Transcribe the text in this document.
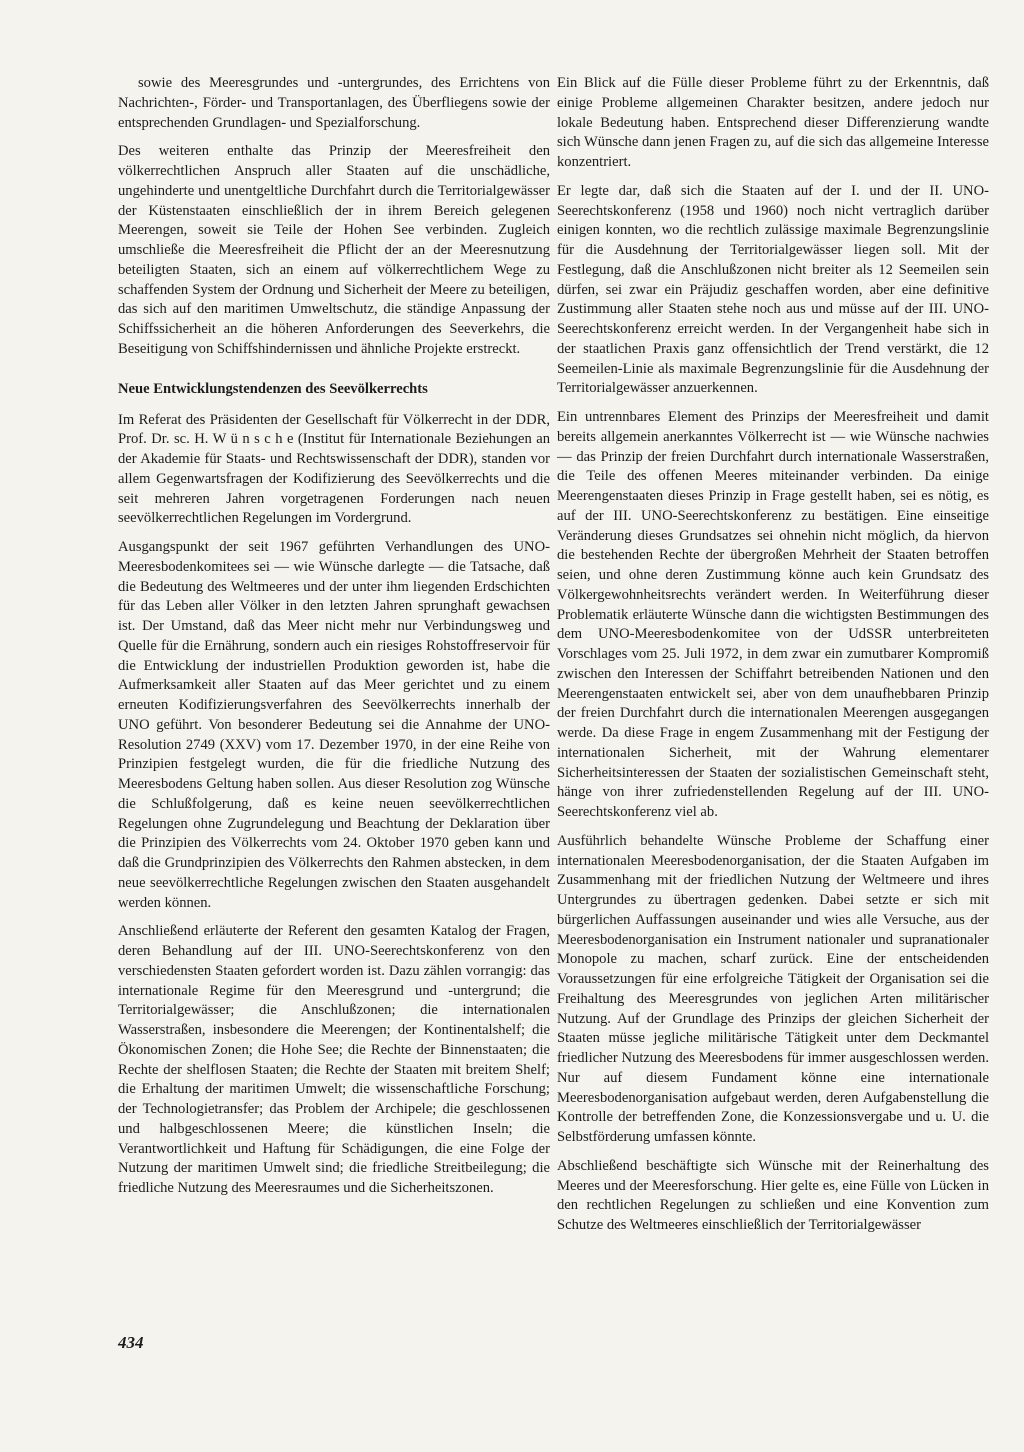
sowie des Meeresgrundes und -untergrundes, des Errichtens von Nachrichten-, Förder- und Transportanlagen, des Überfliegens sowie der entsprechenden Grundlagen- und Spezialforschung.

Des weiteren enthalte das Prinzip der Meeresfreiheit den völkerrechtlichen Anspruch aller Staaten auf die unschädliche, ungehinderte und unentgeltliche Durchfahrt durch die Territorialgewässer der Küstenstaaten einschließlich der in ihrem Bereich gelegenen Meerengen, soweit sie Teile der Hohen See verbinden. Zugleich umschließe die Meeresfreiheit die Pflicht der an der Meeresnutzung beteiligten Staaten, sich an einem auf völkerrechtlichem Wege zu schaffenden System der Ordnung und Sicherheit der Meere zu beteiligen, das sich auf den maritimen Umweltschutz, die ständige Anpassung der Schiffssicherheit an die höheren Anforderungen des Seeverkehrs, die Beseitigung von Schiffshindernissen und ähnliche Projekte erstreckt.

Neue Entwicklungstendenzen des Seevölkerrechts

Im Referat des Präsidenten der Gesellschaft für Völkerrecht in der DDR, Prof. Dr. sc. H. W ü n s c h e (Institut für Internationale Beziehungen an der Akademie für Staats- und Rechtswissenschaft der DDR), standen vor allem Gegenwartsfragen der Kodifizierung des Seevölkerrechts und die seit mehreren Jahren vorgetragenen Forderungen nach neuen seevölkerrechtlichen Regelungen im Vordergrund.

Ausgangspunkt der seit 1967 geführten Verhandlungen des UNO-Meeresbodenkomitees sei — wie Wünsche darlegte — die Tatsache, daß die Bedeutung des Weltmeeres und der unter ihm liegenden Erdschichten für das Leben aller Völker in den letzten Jahren sprunghaft gewachsen ist. Der Umstand, daß das Meer nicht mehr nur Verbindungsweg und Quelle für die Ernährung, sondern auch ein riesiges Rohstoffreservoir für die Entwicklung der industriellen Produktion geworden ist, habe die Aufmerksamkeit aller Staaten auf das Meer gerichtet und zu einem erneuten Kodifizierungsverfahren des Seevölkerrechts innerhalb der UNO geführt. Von besonderer Bedeutung sei die Annahme der UNO-Resolution 2749 (XXV) vom 17. Dezember 1970, in der eine Reihe von Prinzipien festgelegt wurden, die für die friedliche Nutzung des Meeresbodens Geltung haben sollen. Aus dieser Resolution zog Wünsche die Schlußfolgerung, daß es keine neuen seevölkerrechtlichen Regelungen ohne Zugrundelegung und Beachtung der Deklaration über die Prinzipien des Völkerrechts vom 24. Oktober 1970 geben kann und daß die Grundprinzipien des Völkerrechts den Rahmen abstecken, in dem neue seevölkerrechtliche Regelungen zwischen den Staaten ausgehandelt werden können.

Anschließend erläuterte der Referent den gesamten Katalog der Fragen, deren Behandlung auf der III. UNO-Seerechtskonferenz von den verschiedensten Staaten gefordert worden ist. Dazu zählen vorrangig: das internationale Regime für den Meeresgrund und -untergrund; die Territorialgewässer; die Anschlußzonen; die internationalen Wasserstraßen, insbesondere die Meerengen; der Kontinentalshelf; die Ökonomischen Zonen; die Hohe See; die Rechte der Binnenstaaten; die Rechte der shelflosen Staaten; die Rechte der Staaten mit breitem Shelf; die Erhaltung der maritimen Umwelt; die wissenschaftliche Forschung; der Technologietransfer; das Problem der Archipele; die geschlossenen und halbgeschlossenen Meere; die künstlichen Inseln; die Verantwortlichkeit und Haftung für Schädigungen, die eine Folge der Nutzung der maritimen Umwelt sind; die friedliche Streitbeilegung; die friedliche Nutzung des Meeresraumes und die Sicherheitszonen.

Ein Blick auf die Fülle dieser Probleme führt zu der Erkenntnis, daß einige Probleme allgemeinen Charakter besitzen, andere jedoch nur lokale Bedeutung haben. Entsprechend dieser Differenzierung wandte sich Wünsche dann jenen Fragen zu, auf die sich das allgemeine Interesse konzentriert.

Er legte dar, daß sich die Staaten auf der I. und der II. UNO-Seerechtskonferenz (1958 und 1960) noch nicht vertraglich darüber einigen konnten, wo die rechtlich zulässige maximale Begrenzungslinie für die Ausdehnung der Territorialgewässer liegen soll. Mit der Festlegung, daß die Anschlußzonen nicht breiter als 12 Seemeilen sein dürfen, sei zwar ein Präjudiz geschaffen worden, aber eine definitive Zustimmung aller Staaten stehe noch aus und müsse auf der III. UNO-Seerechtskonferenz erreicht werden. In der Vergangenheit habe sich in der staatlichen Praxis ganz offensichtlich der Trend verstärkt, die 12 Seemeilen-Linie als maximale Begrenzungslinie für die Ausdehnung der Territorialgewässer anzuerkennen.

Ein untrennbares Element des Prinzips der Meeresfreiheit und damit bereits allgemein anerkanntes Völkerrecht ist — wie Wünsche nachwies — das Prinzip der freien Durchfahrt durch internationale Wasserstraßen, die Teile des offenen Meeres miteinander verbinden. Da einige Meerengenstaaten dieses Prinzip in Frage gestellt haben, sei es nötig, es auf der III. UNO-Seerechtskonferenz zu bestätigen. Eine einseitige Veränderung dieses Grundsatzes sei ohnehin nicht möglich, da hiervon die bestehenden Rechte der übergroßen Mehrheit der Staaten betroffen seien, und ohne deren Zustimmung könne auch kein Grundsatz des Völkergewohnheitsrechts verändert werden. In Weiterführung dieser Problematik erläuterte Wünsche dann die wichtigsten Bestimmungen des dem UNO-Meeresbodenkomitee von der UdSSR unterbreiteten Vorschlages vom 25. Juli 1972, in dem zwar ein zumutbarer Kompromiß zwischen den Interessen der Schiffahrt betreibenden Nationen und den Meerengenstaaten entwickelt sei, aber von dem unaufhebbaren Prinzip der freien Durchfahrt durch die internationalen Meerengen ausgegangen werde. Da diese Frage in engem Zusammenhang mit der Festigung der internationalen Sicherheit, mit der Wahrung elementarer Sicherheitsinteressen der Staaten der sozialistischen Gemeinschaft steht, hänge von ihrer zufriedenstellenden Regelung auf der III. UNO-Seerechtskonferenz viel ab.

Ausführlich behandelte Wünsche Probleme der Schaffung einer internationalen Meeresbodenorganisation, der die Staaten Aufgaben im Zusammenhang mit der friedlichen Nutzung der Weltmeere und ihres Untergrundes zu übertragen gedenken. Dabei setzte er sich mit bürgerlichen Auffassungen auseinander und wies alle Versuche, aus der Meeresbodenorganisation ein Instrument nationaler und supranationaler Monopole zu machen, scharf zurück. Eine der entscheidenden Voraussetzungen für eine erfolgreiche Tätigkeit der Organisation sei die Freihaltung des Meeresgrundes von jeglichen Arten militärischer Nutzung. Auf der Grundlage des Prinzips der gleichen Sicherheit der Staaten müsse jegliche militärische Tätigkeit unter dem Deckmantel friedlicher Nutzung des Meeresbodens für immer ausgeschlossen werden. Nur auf diesem Fundament könne eine internationale Meeresbodenorganisation aufgebaut werden, deren Aufgabenstellung die Kontrolle der betreffenden Zone, die Konzessionsvergabe und u. U. die Selbstförderung umfassen könnte.

Abschließend beschäftigte sich Wünsche mit der Reinerhaltung des Meeres und der Meeresforschung. Hier gelte es, eine Fülle von Lücken in den rechtlichen Regelungen zu schließen und eine Konvention zum Schutze des Weltmeeres einschließlich der Territorialgewässer

434
